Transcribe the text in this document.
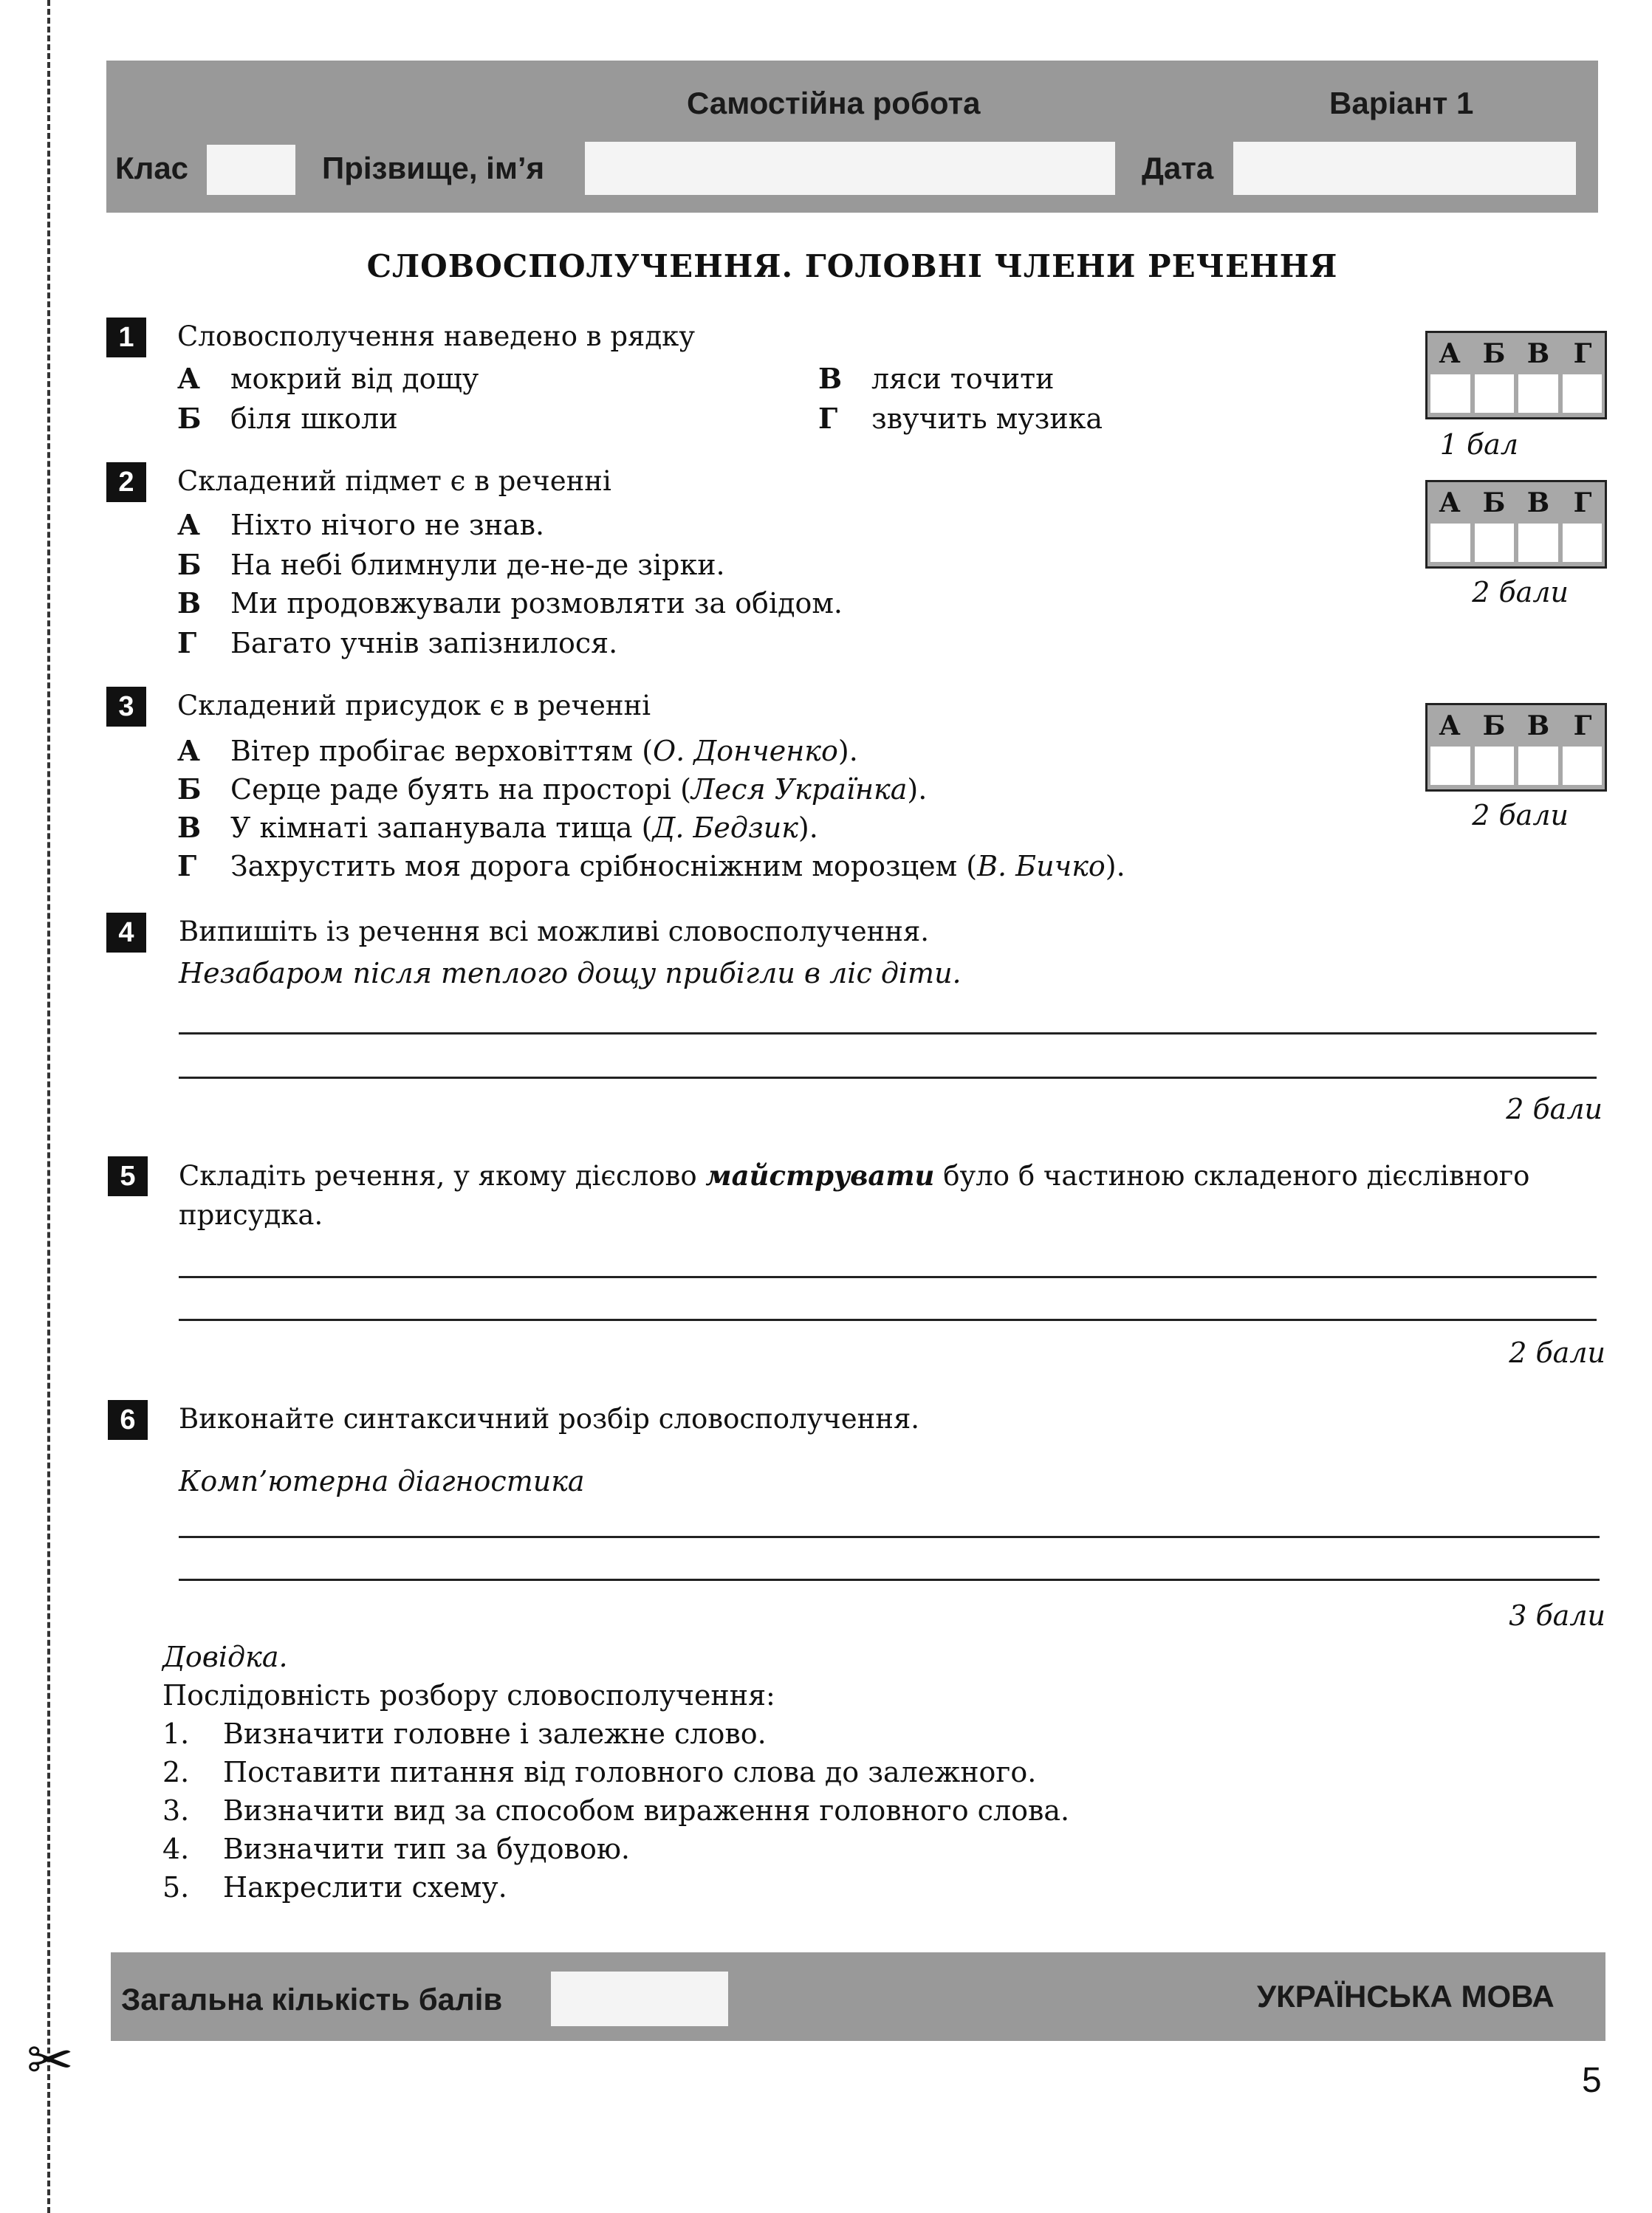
✂
Самостійна робота	Варіант 1
Клас	Прізвище, ім’я	Дата
СЛОВОСПОЛУЧЕННЯ. ГОЛОВНІ ЧЛЕНИ РЕЧЕННЯ
1	Словосполучення наведено в рядку
А мокрий від дощу
Б біля школи
В ляси точити
Г звучить музика
А Б В Г
1 бал
2	Складений підмет є в реченні
А Ніхто нічого не знав.
Б На небі блимнули де-не-де зірки.
В Ми продовжували розмовляти за обідом.
Г Багато учнів запізнилося.
А Б В Г
2 бали
3	Складений присудок є в реченні
А Вітер пробігає верховіттям (О. Донченко).
Б Серце раде буять на просторі (Леся Українка).
В У кімнаті запанувала тища (Д. Бедзик).
Г Захрустить моя дорога срібносніжним морозцем (В. Бичко).
А Б В Г
2 бали
4	Випишіть із речення всі можливі словосполучення.
Незабаром після теплого дощу прибігли в ліс діти.
2 бали
5	Складіть речення, у якому дієслово майструвати було б частиною складеного дієслівного
присудка.
2 бали
6	Виконайте синтаксичний розбір словосполучення.
Комп’ютерна діагностика
3 бали
Довідка.
Послідовність розбору словосполучення:
1. Визначити головне і залежне слово.
2. Поставити питання від головного слова до залежного.
3. Визначити вид за способом вираження головного слова.
4. Визначити тип за будовою.
5. Накреслити схему.
Загальна кількість балів	УКРАЇНСЬКА МОВА
5
